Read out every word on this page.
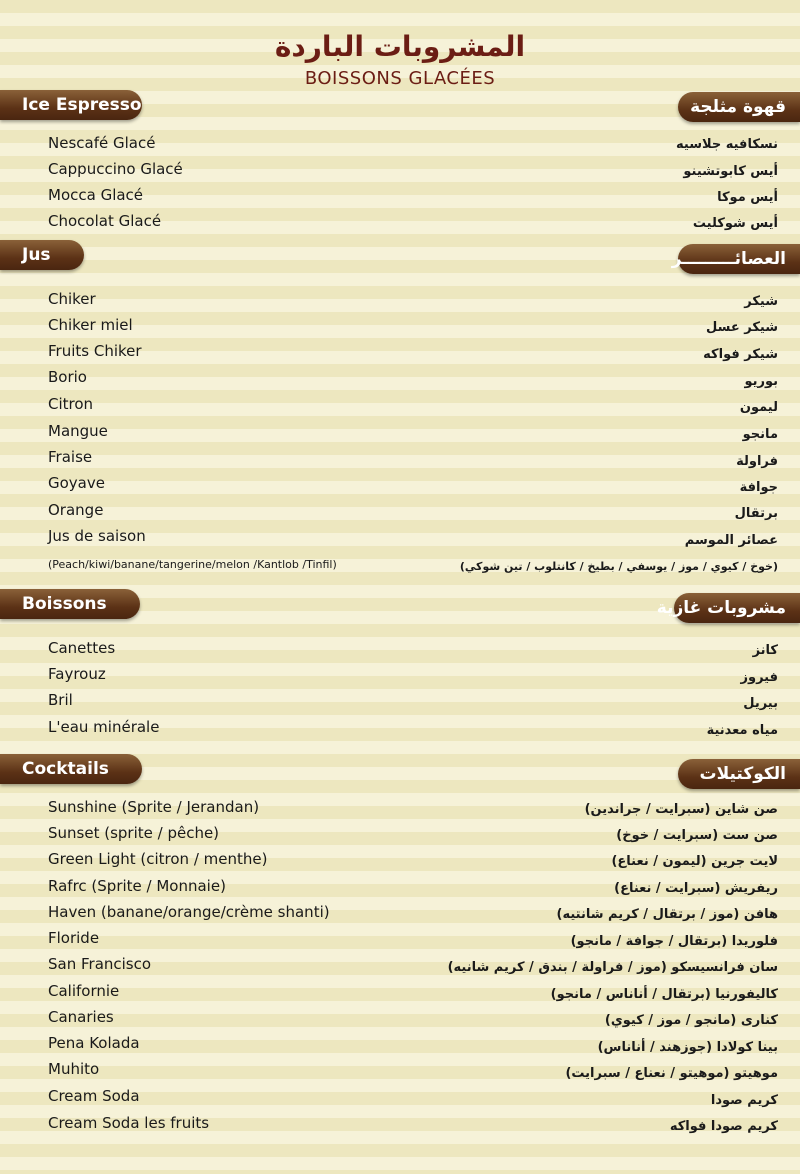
المشروبات الباردة
BOISSONS GLACÉES
Ice Espresso	قهوة مثلجة
Nescafé Glacé	نسكافيه جلاسيه
Cappuccino Glacé	أيس كابوتشينو
Mocca Glacé	أيس موكا
Chocolat Glacé	أيس شوكليت
Jus	العصائـــــــــر
Chiker	شيكر
Chiker miel	شيكر عسل
Fruits Chiker	شيكر فواكه
Borio	بوريو
Citron	ليمون
Mangue	مانجو
Fraise	فراولة
Goyave	جوافة
Orange	برتقال
Jus de saison	عصائر الموسم
(Peach/kiwi/banane/tangerine/melon /Kantlob /Tinfil)	(خوخ / كيوي / موز / يوسفي / بطيخ / كانتلوب / تين شوكي)
Boissons	مشروبات غازية
Canettes	كانز
Fayrouz	فيروز
Bril	بيريل
L'eau minérale	مياه معدنية
Cocktails	الكوكتيلات
Sunshine (Sprite / Jerandan)	صن شاين (سبرايت / جراندين)
Sunset (sprite / pêche)	صن ست (سبرايت / خوخ)
Green Light (citron / menthe)	لايت جرين (ليمون / نعناع)
Rafrc (Sprite / Monnaie)	ريفريش (سبرايت / نعناع)
Haven (banane/orange/crème shanti)	هافن (موز / برتقال / كريم شانتيه)
Floride	فلوريدا (برتقال / جوافة / مانجو)
San Francisco	سان فرانسيسكو (موز / فراولة / بندق / كريم شانيه)
Californie	كاليفورنيا (برتقال / أناناس / مانجو)
Canaries	كنارى (مانجو / موز / كيوي)
Pena Kolada	بينا كولادا (جوزهند / أناناس)
Muhito	موهيتو (موهيتو / نعناع / سبرايت)
Cream Soda	كريم صودا
Cream Soda les fruits	كريم صودا فواكه
